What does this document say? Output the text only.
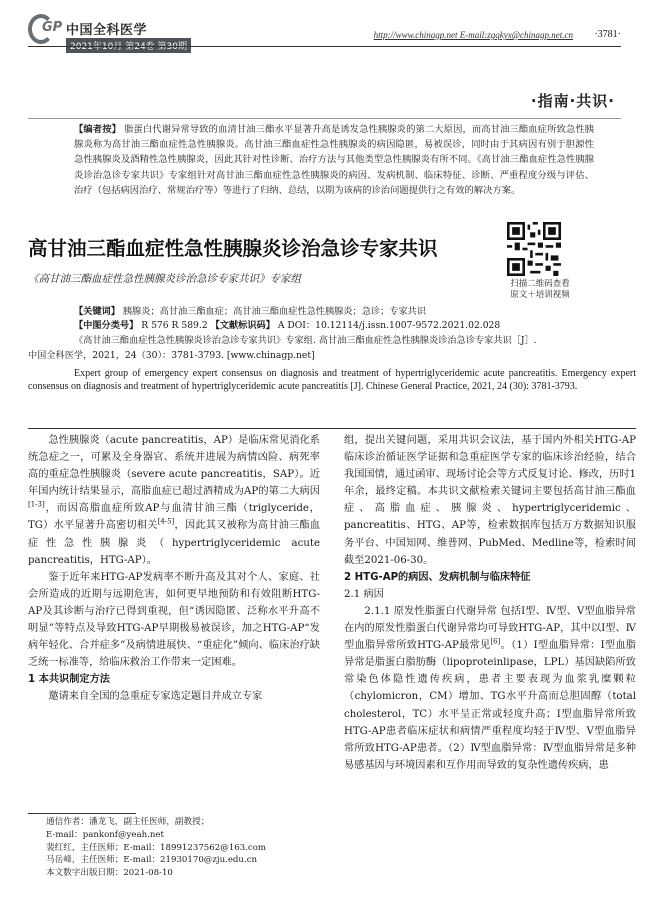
GP 中国全科医学
2021年10月 第24卷 第30期
http://www.chinagp.net E-mail:zgqkyx@chinagp.net.cn ·3781·
·指南·共识·
【编者按】 脂蛋白代谢异常导致的血清甘油三酯水平显著升高是诱发急性胰腺炎的第二大原因，而高甘油三酯血症所致急性胰腺炎称为高甘油三酯血症性急性胰腺炎。高甘油三酯血症性急性胰腺炎的病因隐匿，易被误诊，同时由于其病因有别于胆源性急性胰腺炎及酒精性急性胰腺炎，因此其针对性诊断、治疗方法与其他类型急性胰腺炎有所不同。《高甘油三酯血症性急性胰腺炎诊治急诊专家共识》专家组针对高甘油三酯血症性急性胰腺炎的病因、发病机制、临床特征、诊断、严重程度分级与评估、治疗（包括病因治疗、常规治疗等）等进行了归纳、总结，以期为该病的诊治问题提供行之有效的解决方案。
高甘油三酯血症性急性胰腺炎诊治急诊专家共识
《高甘油三酯血症性急性胰腺炎诊治急诊专家共识》专家组	扫描二维码查看
原文＋培训视频
【关键词】 胰腺炎；高甘油三酯血症；高甘油三酯血症性急性胰腺炎；急诊；专家共识
【中图分类号】 R 576 R 589.2 【文献标识码】 A DOI：10.12114/j.issn.1007-9572.2021.02.028
《高甘油三酯血症性急性胰腺炎诊治急诊专家共识》专家组. 高甘油三酯血症性急性胰腺炎诊治急诊专家共识［J］.
中国全科医学，2021，24（30）：3781-3793. [www.chinagp.net]
Expert group of emergency expert consensus on diagnosis and treatment of hypertriglyceridemic acute pancreatitis. Emergency expert consensus on diagnosis and treatment of hypertriglyceridemic acute pancreatitis [J]. Chinese General Practice, 2021, 24 (30): 3781-3793.

急性胰腺炎（acute pancreatitis，AP）是临床常见消化系统急症之一，可累及全身器官、系统并进展为病情凶险、病死率高的重症急性胰腺炎（severe acute pancreatitis，SAP）。近年国内统计结果显示，高脂血症已超过酒精成为AP的第二大病因[1-3]，而因高脂血症所致AP与血清甘油三酯（triglyceride，TG）水平显著升高密切相关[4-5]，因此其又被称为高甘油三酯血症性急性胰腺炎（hypertriglyceridemic acute pancreatitis，HTG-AP）。

鉴于近年来HTG-AP发病率不断升高及其对个人、家庭、社会所造成的近期与远期危害，如何更早地预防和有效阻断HTG-AP及其诊断与治疗已得到重视，但“诱因隐匿、泛称水平升高不明显”等特点及导致HTG-AP早期极易被误诊，加之HTG-AP“发病年轻化、合并症多”及病情进展快、“重症化”倾向、临床治疗缺乏统一标准等，给临床救治工作带来一定困难。

1 本共识制定方法

邀请来自全国的急重症专家选定题目并成立专家

通信作者：潘龙飞，副主任医师，副教授；
E-mail：pankonf@yeah.net
裴红红，主任医师；E-mail：18991237562@163.com
马岳峰，主任医师；E-mail：21930170@zju.edu.cn
本文数字出版日期：2021-08-10

组，提出关键问题，采用共识会议法，基于国内外相关HTG-AP临床诊治循证医学证据和急重症医学专家的临床诊治经验，结合我国国情，通过函审、现场讨论会等方式反复讨论、修改，历时1年余，最终定稿。本共识文献检索关键词主要包括高甘油三酯血症、高脂血症、胰腺炎、hypertriglyceridemic、pancreatitis、HTG、AP等，检索数据库包括万方数据知识服务平台、中国知网、维普网、PubMed、Medline等，检索时间截至2021-06-30。

2 HTG-AP的病因、发病机制与临床特征

2.1 病因

2.1.1 原发性脂蛋白代谢异常 包括Ⅰ型、Ⅳ型、Ⅴ型血脂异常在内的原发性脂蛋白代谢异常均可导致HTG-AP，其中以Ⅰ型、Ⅳ型血脂异常所致HTG-AP最常见[6]。（1）Ⅰ型血脂异常：Ⅰ型血脂异常是脂蛋白脂肪酶（lipoproteinlipase，LPL）基因缺陷所致常染色体隐性遗传疾病，患者主要表现为血浆乳糜颗粒（chylomicron，CM）增加、TG水平升高而总胆固醇（total cholesterol，TC）水平呈正常或轻度升高；Ⅰ型血脂异常所致HTG-AP患者临床症状和病情严重程度均轻于Ⅳ型、Ⅴ型血脂异常所致HTG-AP患者。（2）Ⅳ型血脂异常：Ⅳ型血脂异常是多种易感基因与环境因素和互作用而导致的复杂性遗传疾病，患
